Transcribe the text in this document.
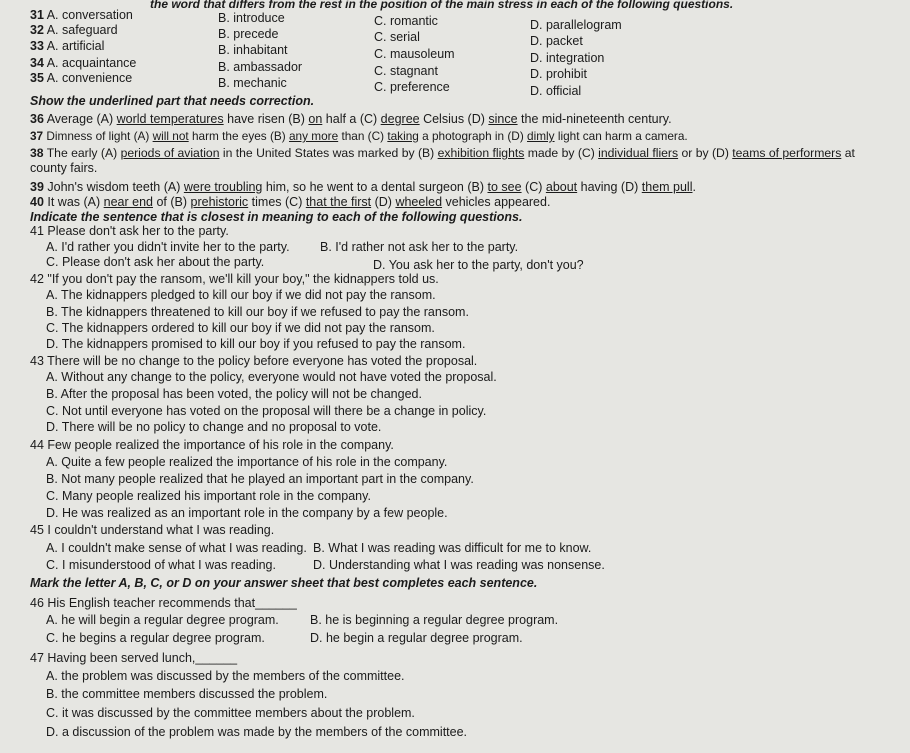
the word that differs from the rest in the position of the main stress in each of the following questions.
31 A. conversation	B. introduce	C. romantic	D. parallelogram
32 A. safeguard	B. precede	C. serial	D. packet
33 A. artificial	B. inhabitant	C. mausoleum	D. integration
34 A. acquaintance	B. ambassador	C. stagnant	D. prohibit
35 A. convenience	B. mechanic	C. preference	D. official
Show the underlined part that needs correction.
36 Average (A) world temperatures have risen (B) on half a (C) degree Celsius (D) since the mid-nineteenth century.
37 Dimness of light (A) will not harm the eyes (B) any more than (C) taking a photograph in (D) dimly light can harm a camera.
38 The early (A) periods of aviation in the United States was marked by (B) exhibition flights made by (C) individual fliers or by (D) teams of performers at
county fairs.
39 John's wisdom teeth (A) were troubling him, so he went to a dental surgeon (B) to see (C) about having (D) them pull.
40 It was (A) near end of (B) prehistoric times (C) that the first (D) wheeled vehicles appeared.
Indicate the sentence that is closest in meaning to each of the following questions.
41 Please don't ask her to the party.
A. I'd rather you didn't invite her to the party. B. I'd rather not ask her to the party.
C. Please don't ask her about the party.	D. You ask her to the party, don't you?
42 "If you don't pay the ransom, we'll kill your boy," the kidnappers told us.
A. The kidnappers pledged to kill our boy if we did not pay the ransom.
B. The kidnappers threatened to kill our boy if we refused to pay the ransom.
C. The kidnappers ordered to kill our boy if we did not pay the ransom.
D. The kidnappers promised to kill our boy if you refused to pay the ransom.
43 There will be no change to the policy before everyone has voted the proposal.
A. Without any change to the policy, everyone would not have voted the proposal.
B. After the proposal has been voted, the policy will not be changed.
C. Not until everyone has voted on the proposal will there be a change in policy.
D. There will be no policy to change and no proposal to vote.
44 Few people realized the importance of his role in the company.
A. Quite a few people realized the importance of his role in the company.
B. Not many people realized that he played an important part in the company.
C. Many people realized his important role in the company.
D. He was realized as an important role in the company by a few people.
45 I couldn't understand what I was reading.
A. I couldn't make sense of what I was reading. B. What I was reading was difficult for me to know.
C. I misunderstood of what I was reading.	D. Understanding what I was reading was nonsense.
Mark the letter A, B, C, or D on your answer sheet that best completes each sentence.
46 His English teacher recommends that______
A. he will begin a regular degree program. B. he is beginning a regular degree program.
C. he begins a regular degree program.	D. he begin a regular degree program.
47 Having been served lunch,______
A. the problem was discussed by the members of the committee.
B. the committee members discussed the problem.
C. it was discussed by the committee members about the problem.
D. a discussion of the problem was made by the members of the committee.
